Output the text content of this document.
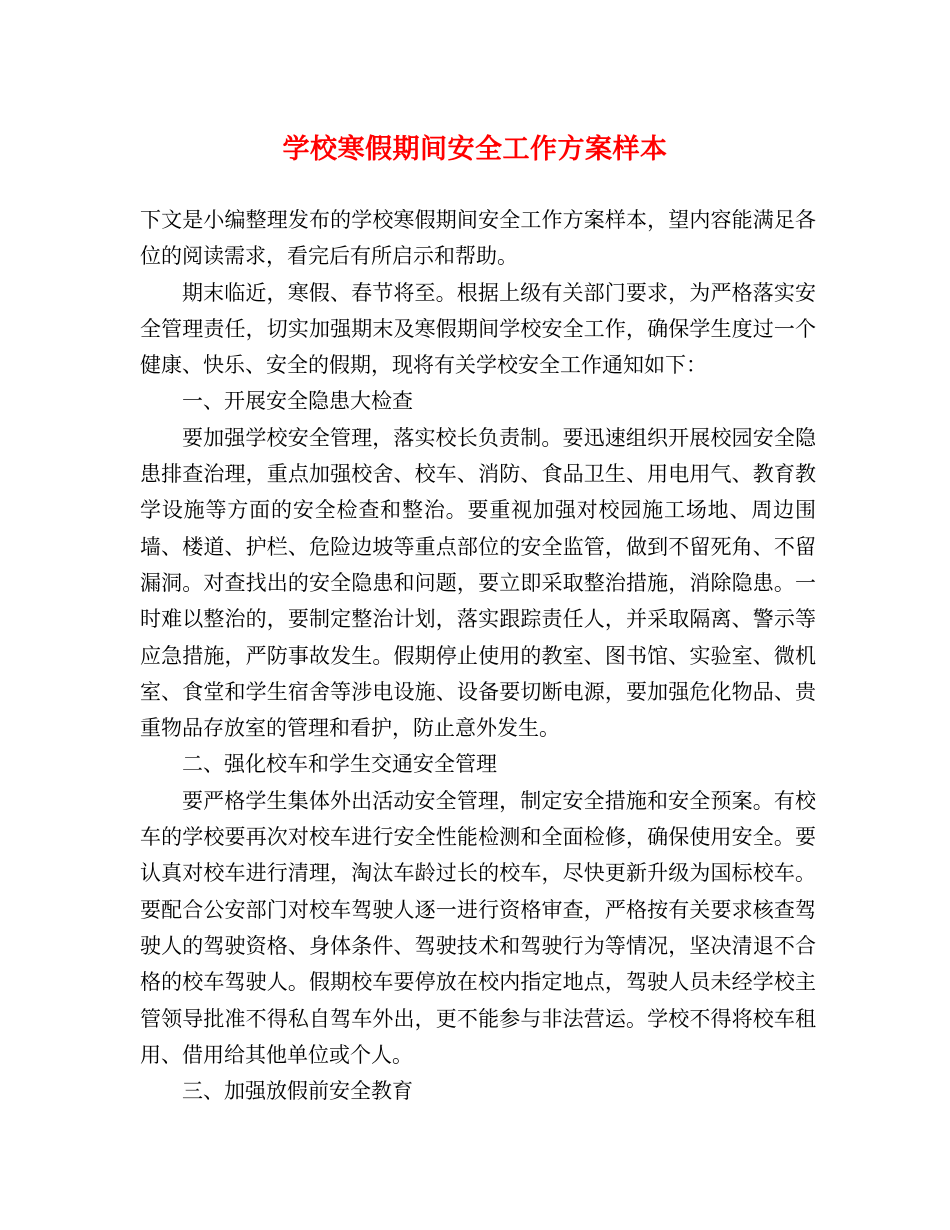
学校寒假期间安全工作方案样本

下文是小编整理发布的学校寒假期间安全工作方案样本，望内容能满足各位的阅读需求，看完后有所启示和帮助。

期末临近，寒假、春节将至。根据上级有关部门要求，为严格落实安全管理责任，切实加强期末及寒假期间学校安全工作，确保学生度过一个健康、快乐、安全的假期，现将有关学校安全工作通知如下：

一、开展安全隐患大检查

要加强学校安全管理，落实校长负责制。要迅速组织开展校园安全隐患排查治理，重点加强校舍、校车、消防、食品卫生、用电用气、教育教学设施等方面的安全检查和整治。要重视加强对校园施工场地、周边围墙、楼道、护栏、危险边坡等重点部位的安全监管，做到不留死角、不留漏洞。对查找出的安全隐患和问题，要立即采取整治措施，消除隐患。一时难以整治的，要制定整治计划，落实跟踪责任人，并采取隔离、警示等应急措施，严防事故发生。假期停止使用的教室、图书馆、实验室、微机室、食堂和学生宿舍等涉电设施、设备要切断电源，要加强危化物品、贵重物品存放室的管理和看护，防止意外发生。

二、强化校车和学生交通安全管理

要严格学生集体外出活动安全管理，制定安全措施和安全预案。有校车的学校要再次对校车进行安全性能检测和全面检修，确保使用安全。要认真对校车进行清理，淘汰车龄过长的校车，尽快更新升级为国标校车。要配合公安部门对校车驾驶人逐一进行资格审查，严格按有关要求核查驾驶人的驾驶资格、身体条件、驾驶技术和驾驶行为等情况，坚决清退不合格的校车驾驶人。假期校车要停放在校内指定地点，驾驶人员未经学校主管领导批准不得私自驾车外出，更不能参与非法营运。学校不得将校车租用、借用给其他单位或个人。

三、加强放假前安全教育
